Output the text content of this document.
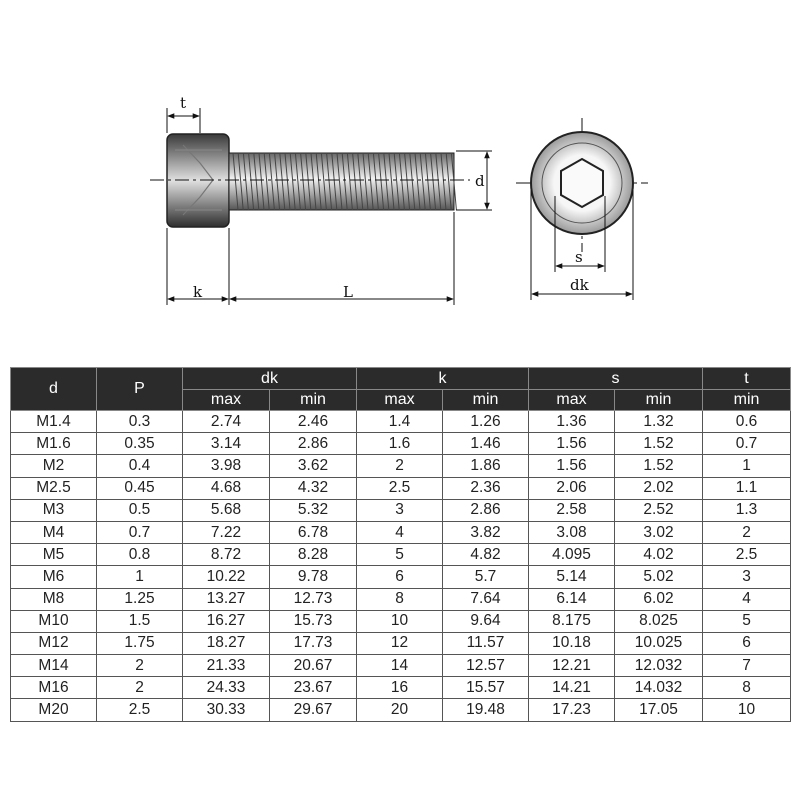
t
k	L
d
s
dk
d	P	dk		k		s		t
		max	min	max	min	max	min	min
M1.4	0.3	2.74	2.46	1.4	1.26	1.36	1.32	0.6
M1.6	0.35	3.14	2.86	1.6	1.46	1.56	1.52	0.7
M2	0.4	3.98	3.62	2	1.86	1.56	1.52	1
M2.5	0.45	4.68	4.32	2.5	2.36	2.06	2.02	1.1
M3	0.5	5.68	5.32	3	2.86	2.58	2.52	1.3
M4	0.7	7.22	6.78	4	3.82	3.08	3.02	2
M5	0.8	8.72	8.28	5	4.82	4.095	4.02	2.5
M6	1	10.22	9.78	6	5.7	5.14	5.02	3
M8	1.25	13.27	12.73	8	7.64	6.14	6.02	4
M10	1.5	16.27	15.73	10	9.64	8.175	8.025	5
M12	1.75	18.27	17.73	12	11.57	10.18	10.025	6
M14	2	21.33	20.67	14	12.57	12.21	12.032	7
M16	2	24.33	23.67	16	15.57	14.21	14.032	8
M20	2.5	30.33	29.67	20	19.48	17.23	17.05	10
